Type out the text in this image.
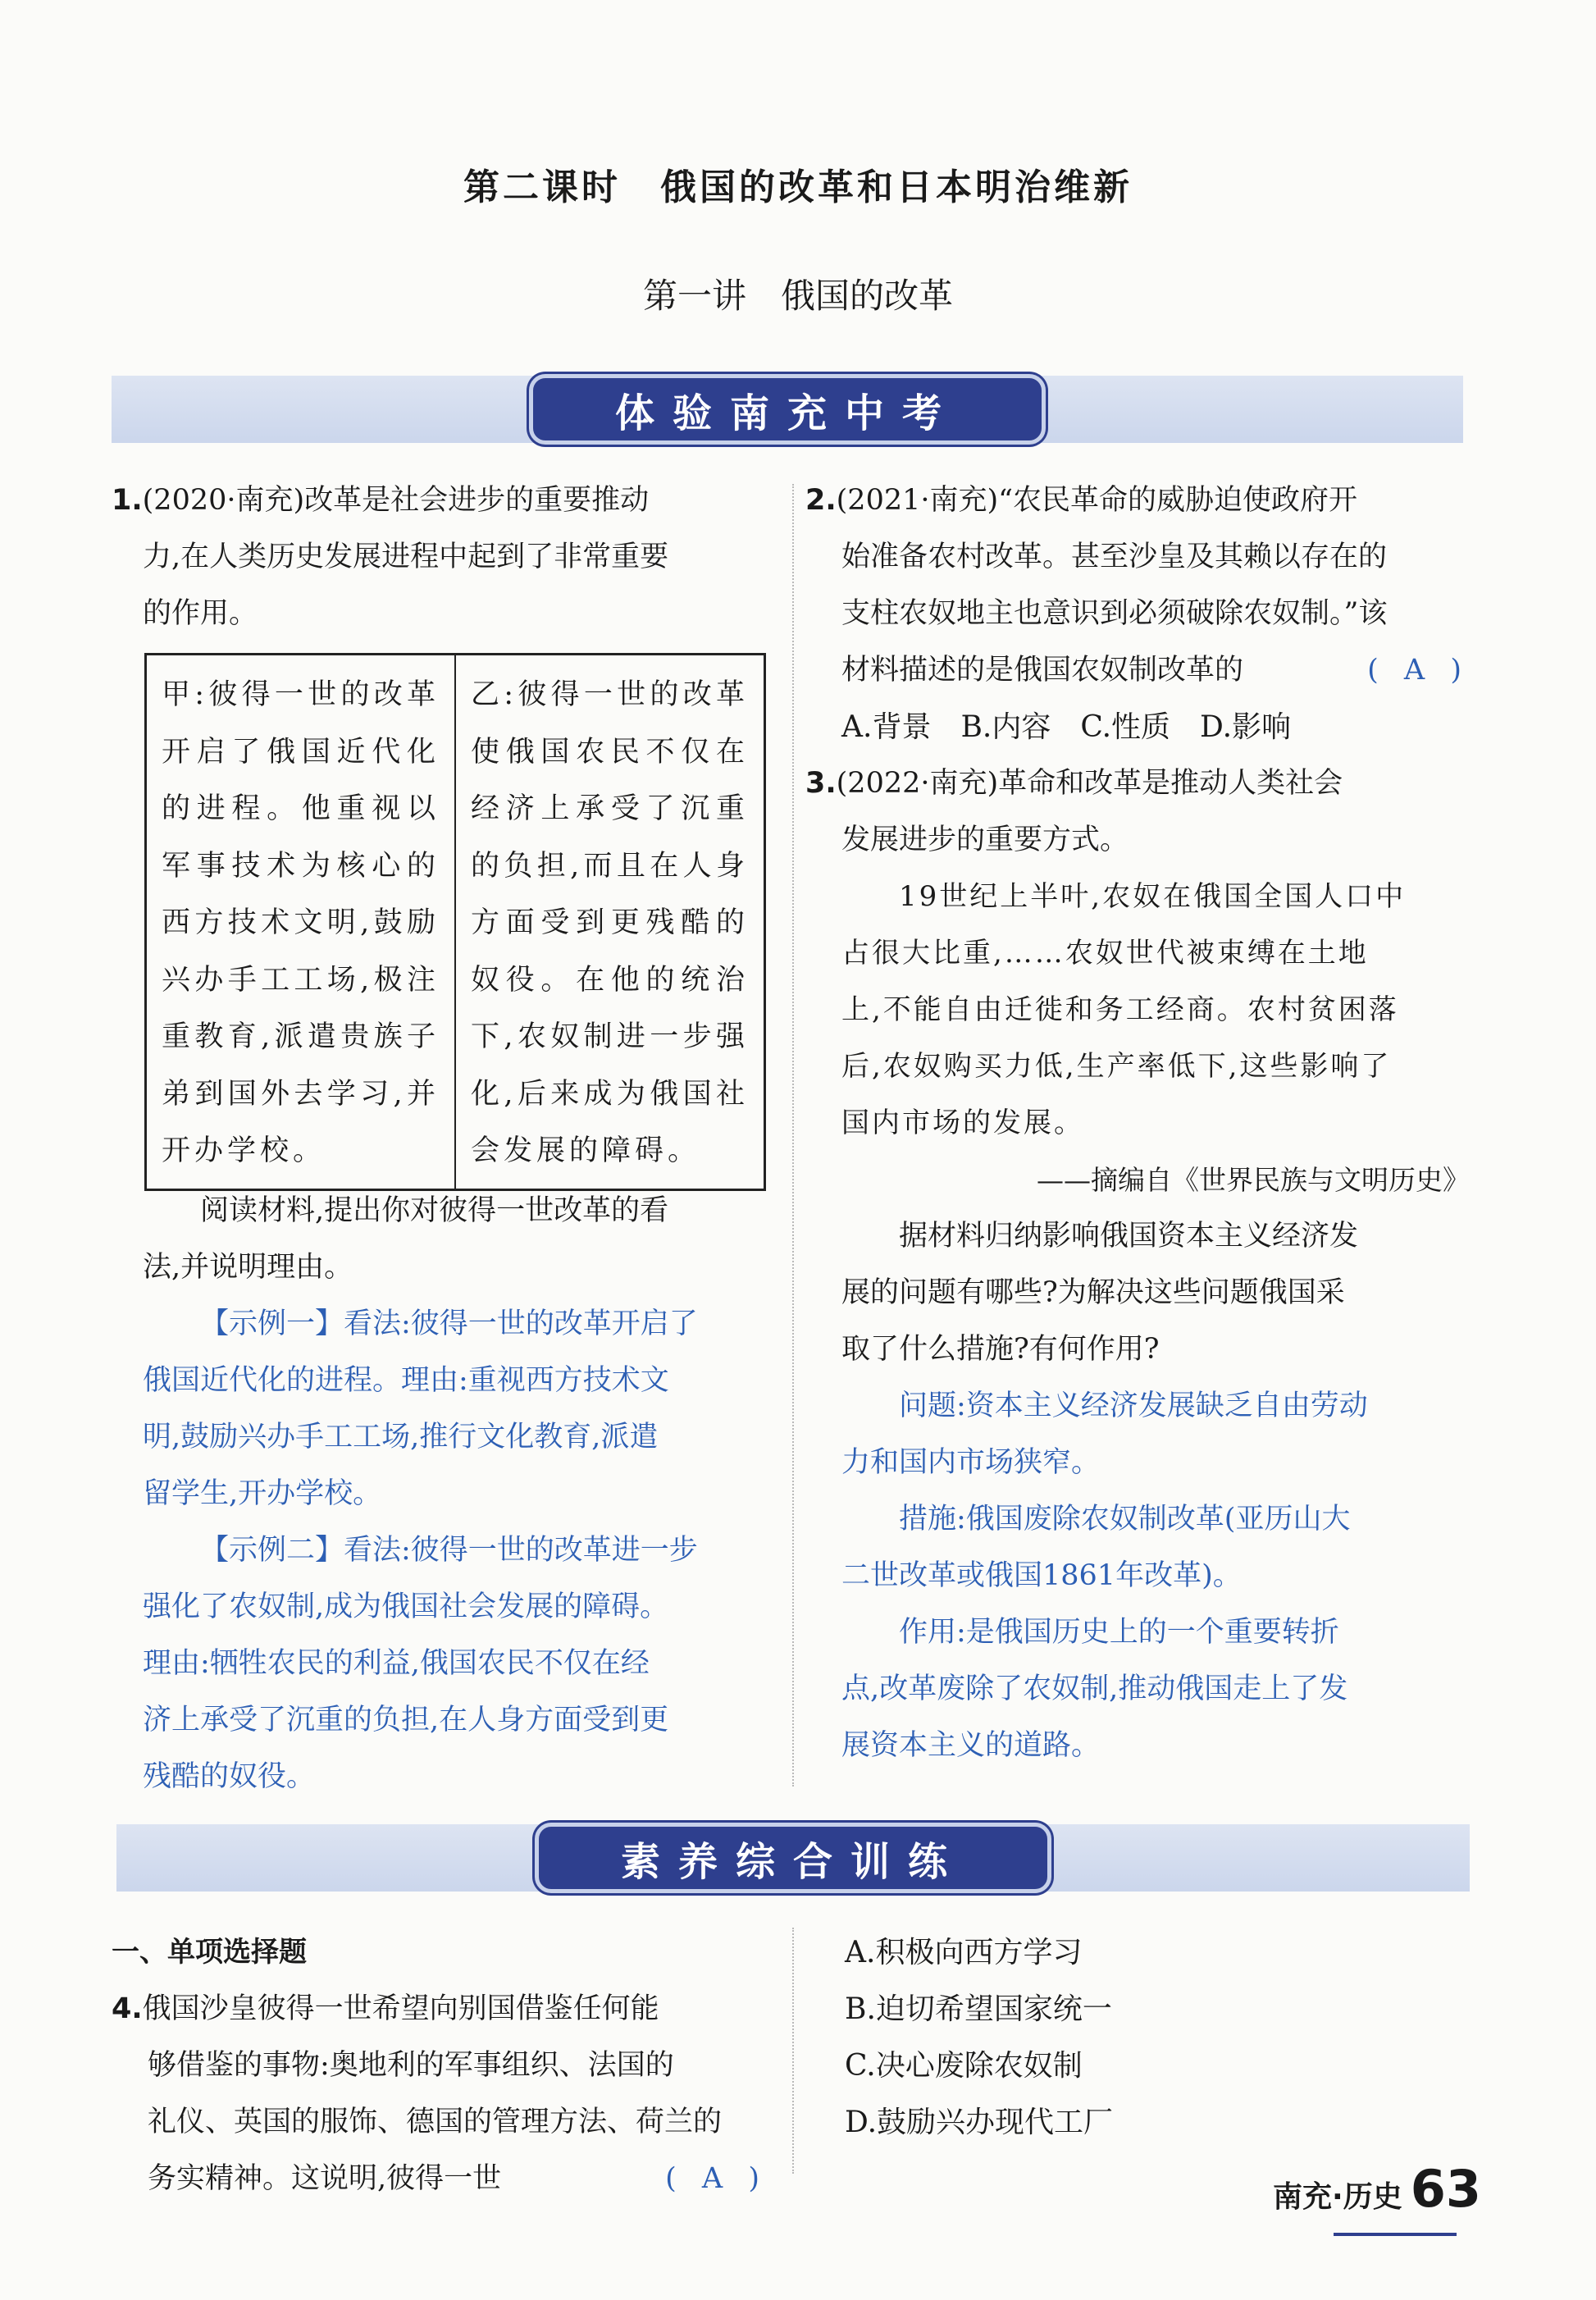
第二课时　俄国的改革和日本明治维新
第一讲　俄国的改革
体验南充中考
1.(2020·南充)改革是社会进步的重要推动
力,在人类历史发展进程中起到了非常重要
的作用。
甲:彼得一世的改革开启了俄国近代化的进程。他重视以军事技术为核心的西方技术文明,鼓励兴办手工工场,极注重教育,派遣贵族子弟到国外去学习,并开办学校。	乙:彼得一世的改革使俄国农民不仅在经济上承受了沉重的负担,而且在人身方面受到更残酷的奴役。在他的统治下,农奴制进一步强化,后来成为俄国社会发展的障碍。
阅读材料,提出你对彼得一世改革的看
法,并说明理由。
【示例一】看法:彼得一世的改革开启了
俄国近代化的进程。理由:重视西方技术文
明,鼓励兴办手工工场,推行文化教育,派遣
留学生,开办学校。
【示例二】看法:彼得一世的改革进一步
强化了农奴制,成为俄国社会发展的障碍。
理由:牺牲农民的利益,俄国农民不仅在经
济上承受了沉重的负担,在人身方面受到更
残酷的奴役。
2.(2021·南充)“农民革命的威胁迫使政府开
始准备农村改革。甚至沙皇及其赖以存在的
支柱农奴地主也意识到必须破除农奴制。”该
材料描述的是俄国农奴制改革的	( A )
A.背景　B.内容　C.性质　D.影响
3.(2022·南充)革命和改革是推动人类社会
发展进步的重要方式。
19世纪上半叶,农奴在俄国全国人口中
占很大比重,……农奴世代被束缚在土地
上,不能自由迁徙和务工经商。农村贫困落
后,农奴购买力低,生产率低下,这些影响了
国内市场的发展。
——摘编自《世界民族与文明历史》
据材料归纳影响俄国资本主义经济发
展的问题有哪些?为解决这些问题俄国采
取了什么措施?有何作用?
问题:资本主义经济发展缺乏自由劳动
力和国内市场狭窄。
措施:俄国废除农奴制改革(亚历山大
二世改革或俄国1861年改革)。
作用:是俄国历史上的一个重要转折
点,改革废除了农奴制,推动俄国走上了发
展资本主义的道路。
素养综合训练
一、单项选择题
4.俄国沙皇彼得一世希望向别国借鉴任何能
够借鉴的事物:奥地利的军事组织、法国的
礼仪、英国的服饰、德国的管理方法、荷兰的
务实精神。这说明,彼得一世	( A )
A.积极向西方学习
B.迫切希望国家统一
C.决心废除农奴制
D.鼓励兴办现代工厂
南充·历史 63
